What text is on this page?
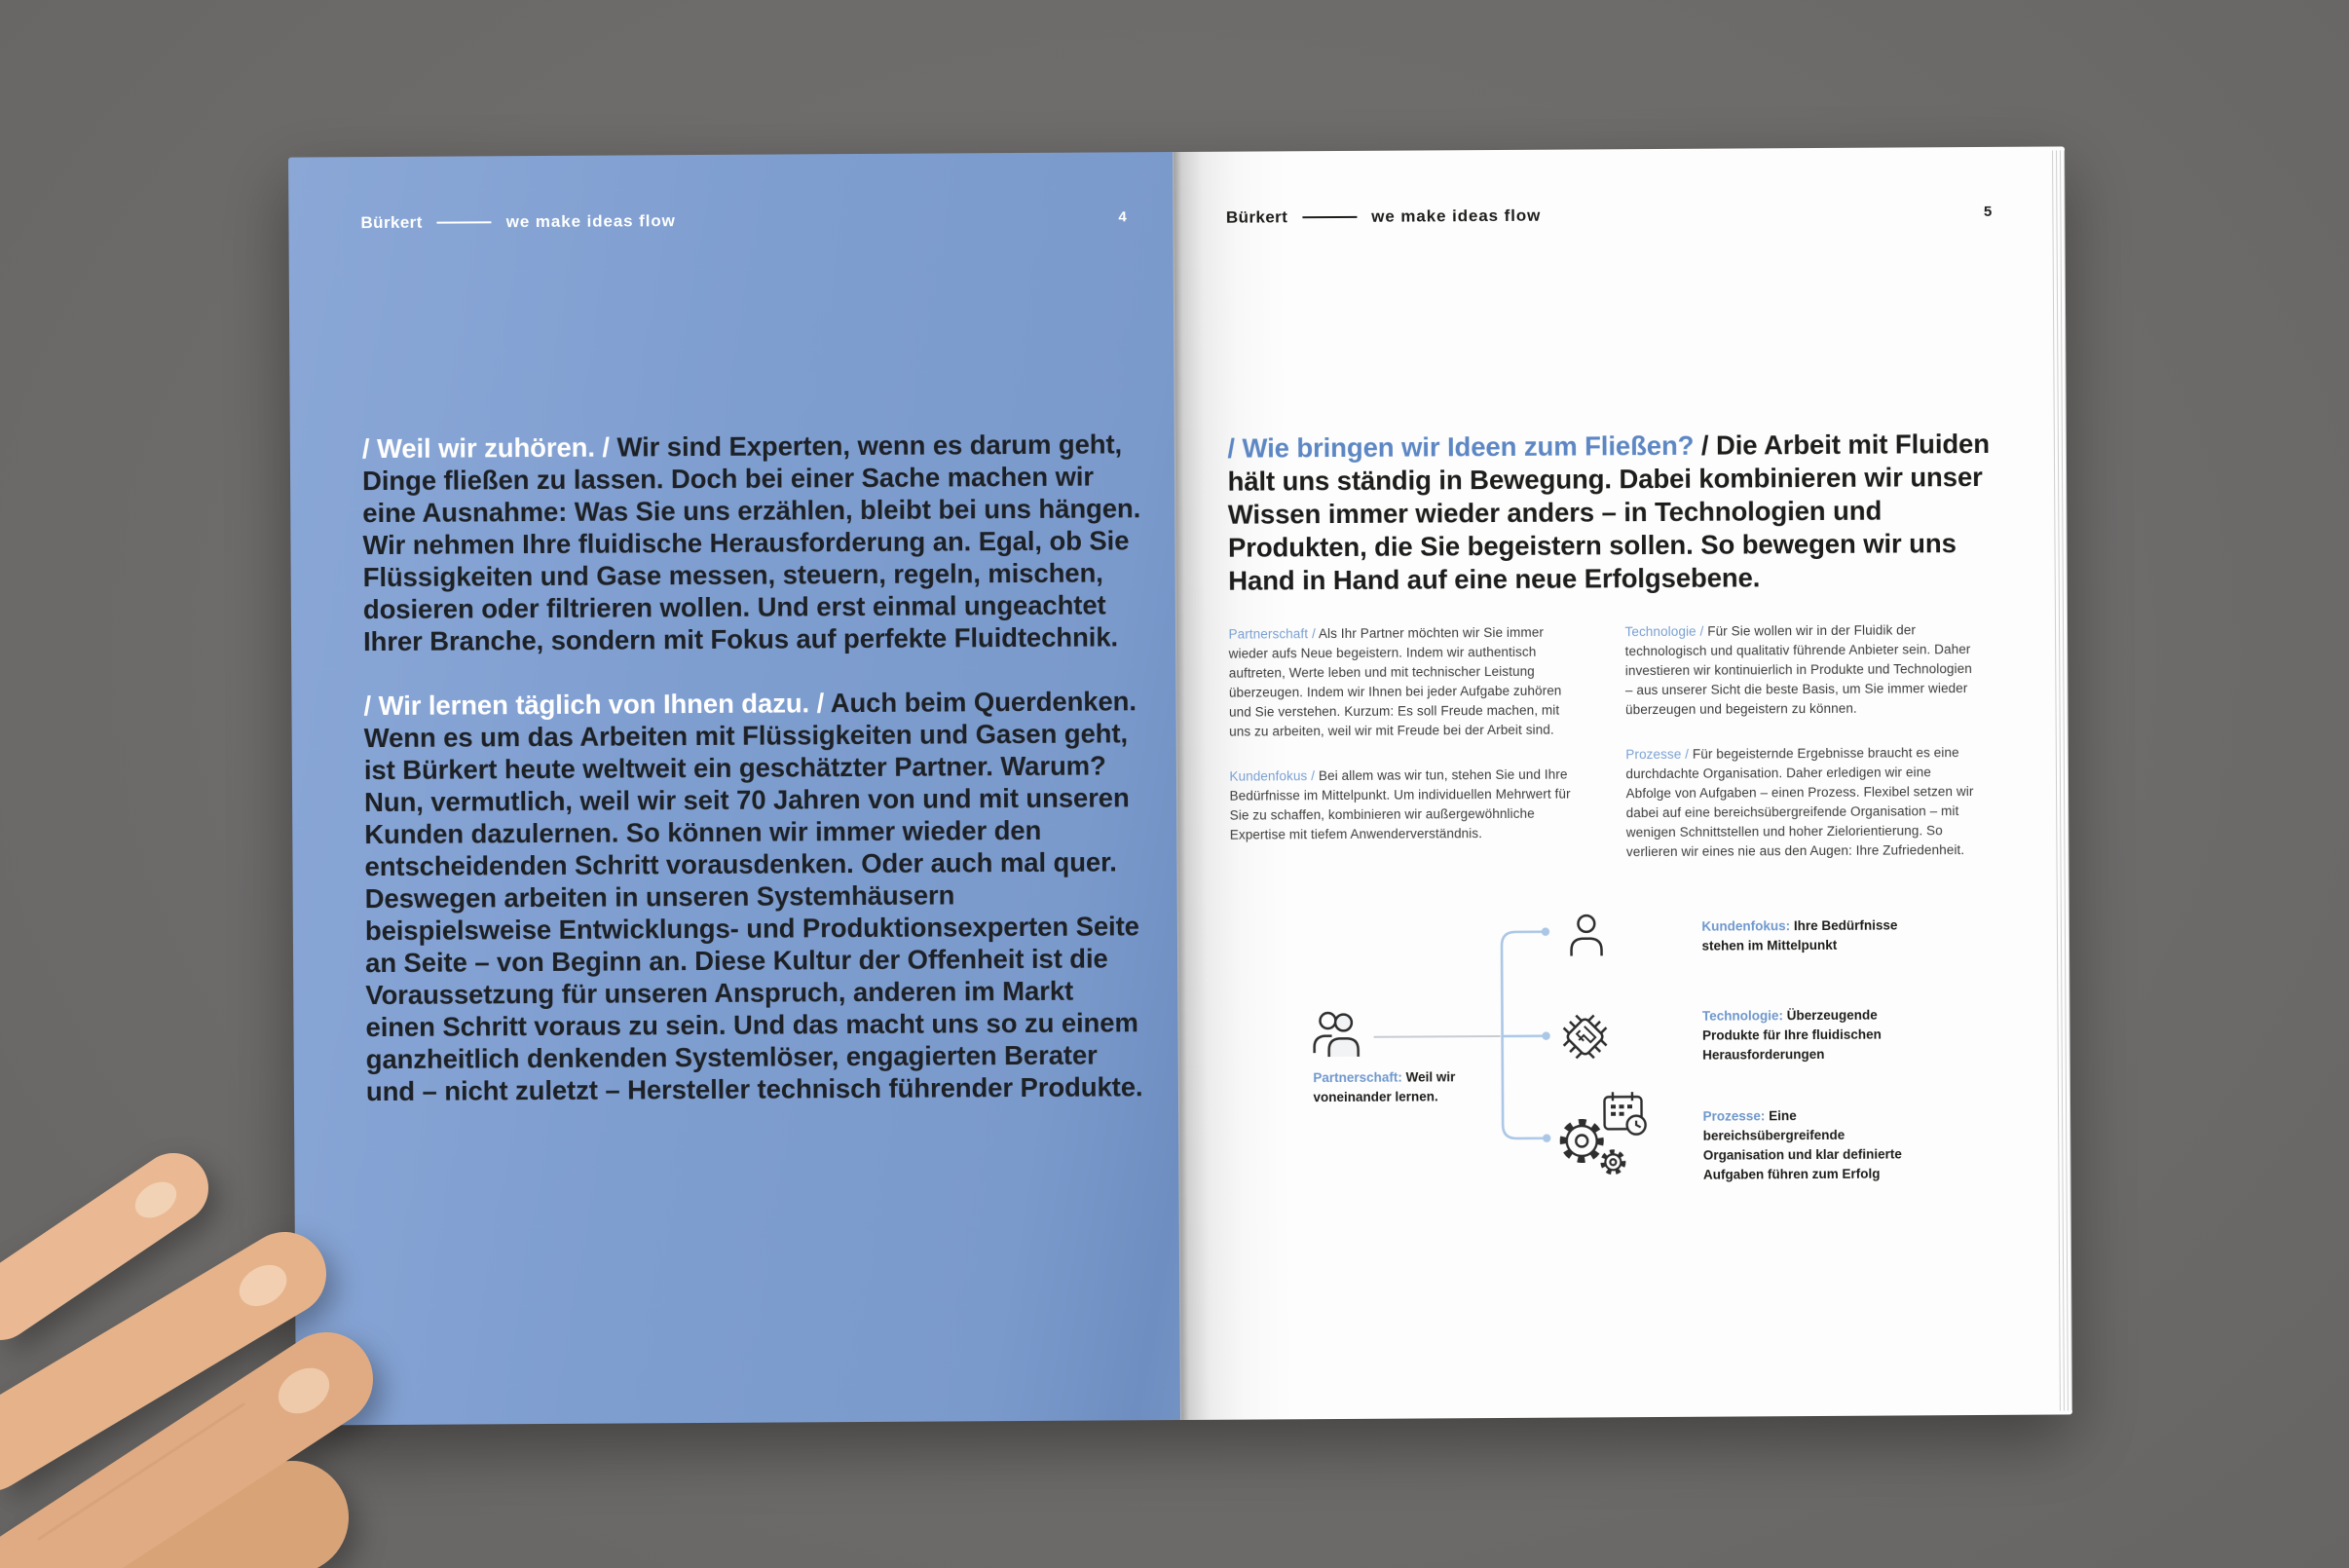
Bürkert	we make ideas flow	4

/ Weil wir zuhören. / Wir sind Experten, wenn es darum geht, Dinge fließen zu lassen. Doch bei einer Sache machen wir eine Ausnahme: Was Sie uns erzählen, bleibt bei uns hängen. Wir nehmen Ihre fluidische Herausforderung an. Egal, ob Sie Flüssigkeiten und Gase messen, steuern, regeln, mischen, dosieren oder filtrieren wollen. Und erst einmal ungeachtet Ihrer Branche, sondern mit Fokus auf perfekte Fluidtechnik.

/ Wir lernen täglich von Ihnen dazu. / Auch beim Querdenken. Wenn es um das Arbeiten mit Flüssigkeiten und Gasen geht, ist Bürkert heute weltweit ein geschätzter Partner. Warum? Nun, vermutlich, weil wir seit 70 Jahren von und mit unseren Kunden dazulernen. So können wir immer wieder den entscheidenden Schritt vorausdenken. Oder auch mal quer. Deswegen arbeiten in unseren Systemhäusern beispielsweise Entwicklungs- und Produktionsexperten Seite an Seite – von Beginn an. Diese Kultur der Offenheit ist die Voraussetzung für unseren Anspruch, anderen im Markt einen Schritt voraus zu sein. Und das macht uns so zu einem ganzheitlich denkenden Systemlöser, engagierten Berater und – nicht zuletzt – Hersteller technisch führender Produkte.

Bürkert	we make ideas flow	5
/ Wie bringen wir Ideen zum Fließen? / Die Arbeit mit Fluiden hält uns ständig in Bewegung. Dabei kombinieren wir unser Wissen immer wieder anders – in Technologien und Produkten, die Sie begeistern sollen. So bewegen wir uns Hand in Hand auf eine neue Erfolgsebene.

Partnerschaft / Als Ihr Partner möchten wir Sie immer wieder aufs Neue begeistern. Indem wir authentisch auftreten, Werte leben und mit technischer Leistung überzeugen. Indem wir Ihnen bei jeder Aufgabe zuhören und Sie verstehen. Kurzum: Es soll Freude machen, mit uns zu arbeiten, weil wir mit Freude bei der Arbeit sind.

Kundenfokus / Bei allem was wir tun, stehen Sie und Ihre Bedürfnisse im Mittelpunkt. Um individuellen Mehrwert für Sie zu schaffen, kombinieren wir außergewöhnliche Expertise mit tiefem Anwenderverständnis.

Technologie / Für Sie wollen wir in der Fluidik der technologisch und qualitativ führende Anbieter sein. Daher investieren wir kontinuierlich in Produkte und Technologien – aus unserer Sicht die beste Basis, um Sie immer wieder überzeugen und begeistern zu können.

Prozesse / Für begeisternde Ergebnisse braucht es eine durchdachte Organisation. Daher erledigen wir eine Abfolge von Aufgaben – einen Prozess. Flexibel setzen wir dabei auf eine bereichsübergreifende Organisation – mit wenigen Schnittstellen und hoher Zielorientierung. So verlieren wir eines nie aus den Augen: Ihre Zufriedenheit.

Partnerschaft: Weil wir voneinander lernen.
Kundenfokus: Ihre Bedürfnisse stehen im Mittelpunkt
Technologie: Überzeugende Produkte für Ihre fluidischen Herausforderungen
Prozesse: Eine bereichsübergreifende Organisation und klar definierte Aufgaben führen zum Erfolg
